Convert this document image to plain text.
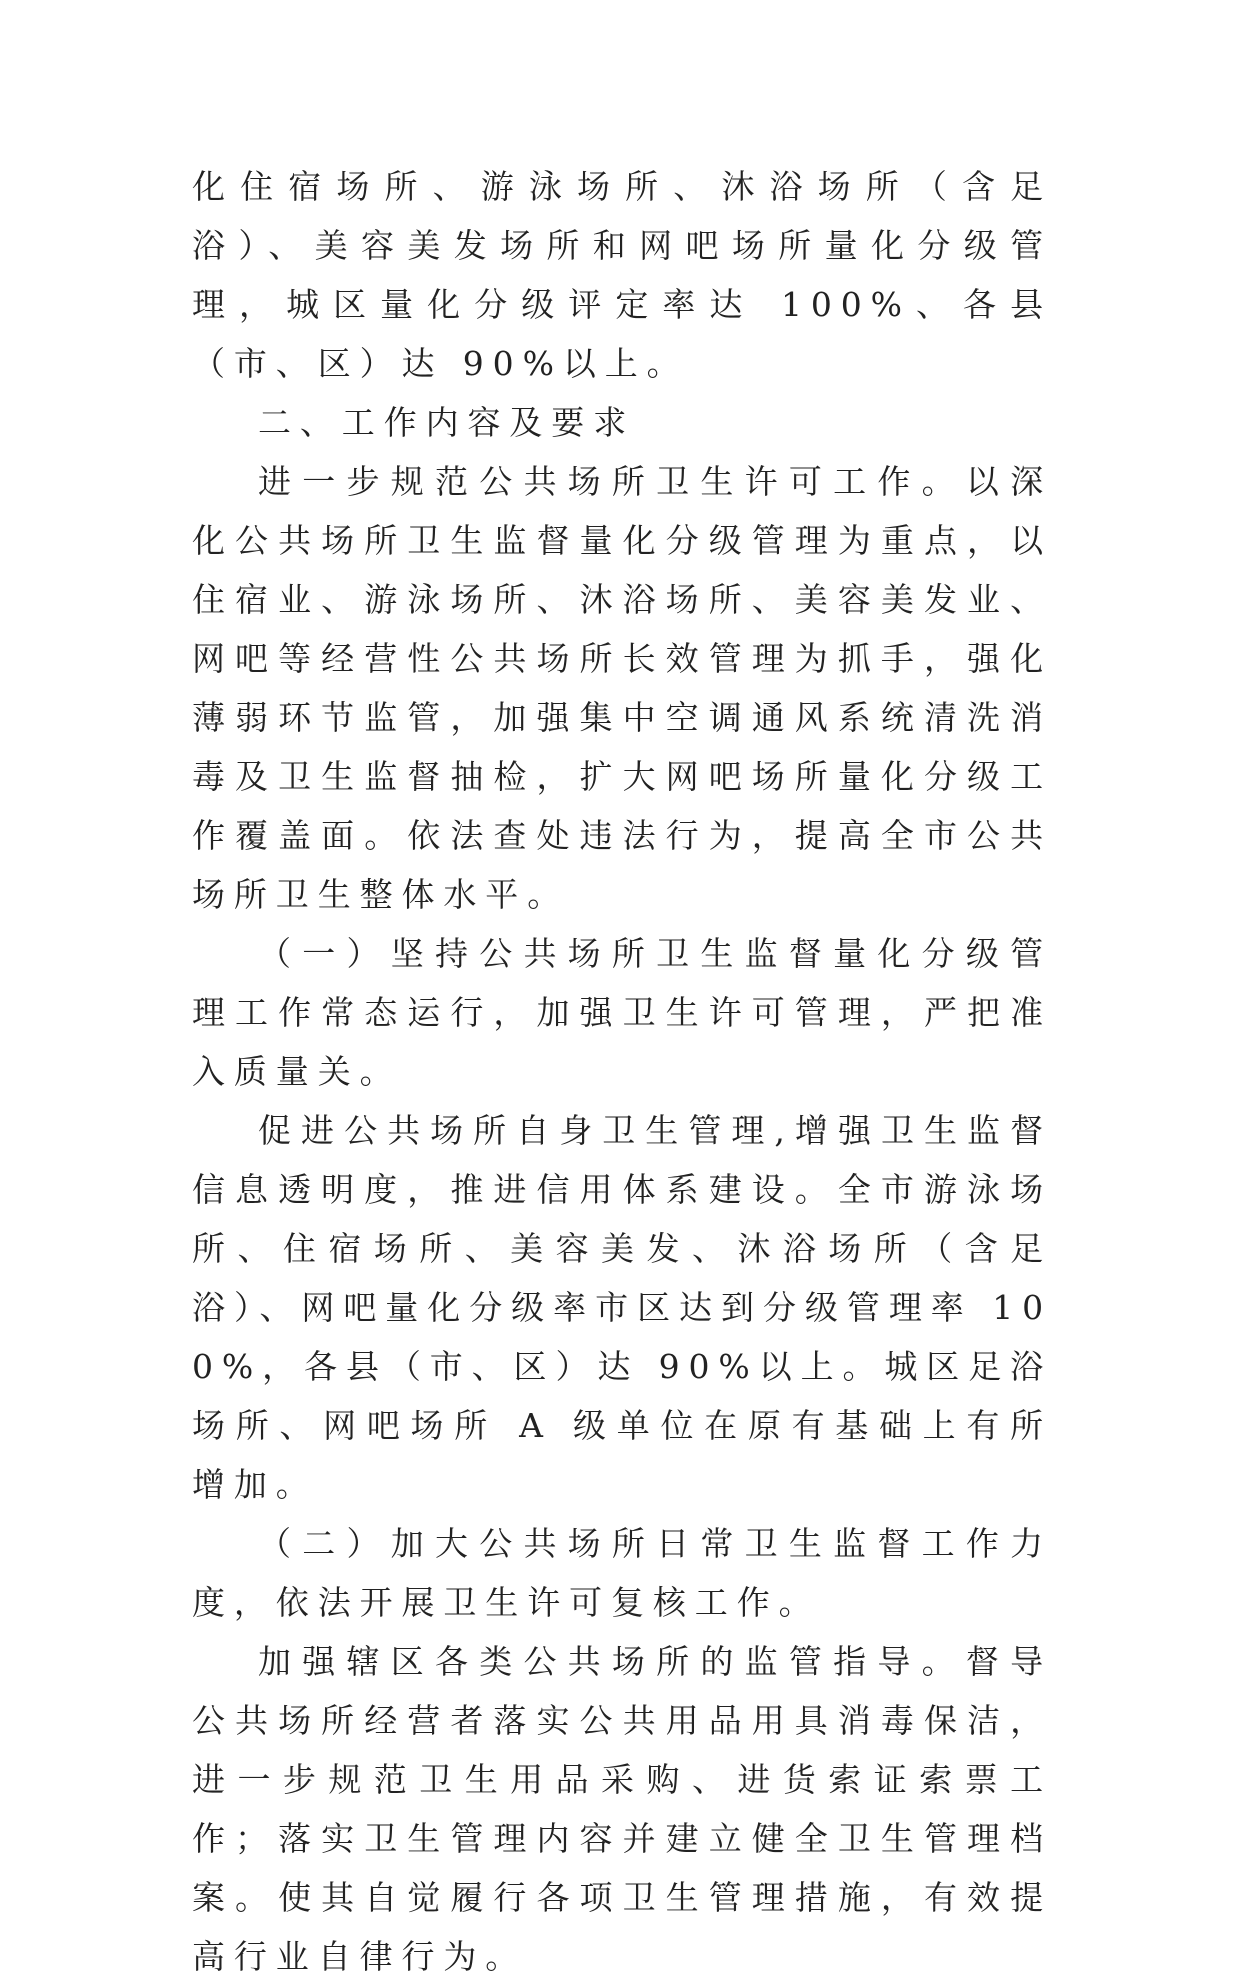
化住宿场所、游泳场所、沐浴场所（含足浴）、美容美发场所和网吧场所量化分级管理，城区量化分级评定率达 100%、各县（市、区）达 90%以上。

二、工作内容及要求

进一步规范公共场所卫生许可工作。以深化公共场所卫生监督量化分级管理为重点，以住宿业、游泳场所、沐浴场所、美容美发业、网吧等经营性公共场所长效管理为抓手，强化薄弱环节监管，加强集中空调通风系统清洗消毒及卫生监督抽检，扩大网吧场所量化分级工作覆盖面。依法查处违法行为，提高全市公共场所卫生整体水平。

（一）坚持公共场所卫生监督量化分级管理工作常态运行，加强卫生许可管理，严把准入质量关。

促进公共场所自身卫生管理,增强卫生监督信息透明度，推进信用体系建设。全市游泳场所、住宿场所、美容美发、沐浴场所（含足浴）、网吧量化分级率市区达到分级管理率 100%，各县（市、区）达 90%以上。城区足浴场所、网吧场所 A 级单位在原有基础上有所增加。

（二）加大公共场所日常卫生监督工作力度，依法开展卫生许可复核工作。

加强辖区各类公共场所的监管指导。督导公共场所经营者落实公共用品用具消毒保洁，进一步规范卫生用品采购、进货索证索票工作；落实卫生管理内容并建立健全卫生管理档案。使其自觉履行各项卫生管理措施，有效提高行业自律行为。
